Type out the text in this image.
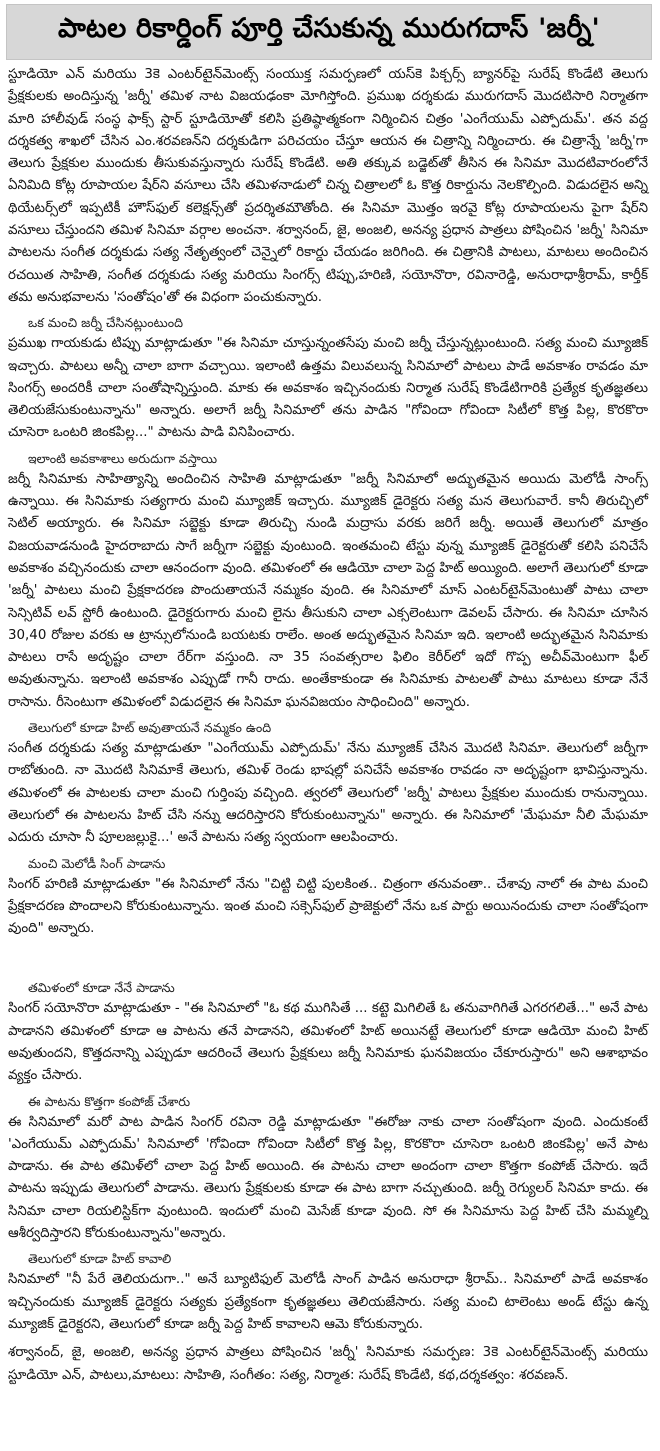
పాటల రికార్డింగ్ పూర్తి చేసుకున్న మురుగదాస్ 'జర్నీ'

స్టూడియో ఎన్ మరియు 3కె ఎంటర్‌టైన్‌మెంట్స్ సంయుక్త సమర్పణలో యస్‌కె పిక్చర్స్ బ్యానర్‌పై సురేష్ కొండేటి తెలుగు ప్రేక్షకులకు అందిస్తున్న 'జర్నీ' తమిళ నాట విజయఢంకా మోగిస్తోంది. ప్రముఖ దర్శకుడు మురుగదాస్ మొదటిసారి నిర్మాతగా మారి హాలీవుడ్ సంస్థ ఫాక్స్ స్టార్ స్టూడియోతో కలిసి ప్రతిష్ఠాత్మకంగా నిర్మించిన చిత్రం 'ఎంగేయుమ్ ఎప్పోదుమ్'. తన వద్ద దర్శకత్వ శాఖలో చేసిన ఎం.శరవణన్‌ని దర్శకుడిగా పరిచయం చేస్తూ ఆయన ఈ చిత్రాన్ని నిర్మించారు. ఈ చిత్రాన్నే 'జర్నీ'గా తెలుగు ప్రేక్షకుల ముందుకు తీసుకువస్తున్నారు సురేష్ కొండేటి. అతి తక్కువ బడ్జెట్‌తో తీసిన ఈ సినిమా మొదటివారంలోనే ఏనిమిది కోట్ల రూపాయల షేర్‌ని వసూలు చేసి తమిళనాడులో చిన్న చిత్రాలలో ఓ కొత్త రికార్డును నెలకొల్పింది. విడుదలైన అన్ని థియేటర్స్‌లో ఇప్పటికీ హౌస్‌ఫుల్ కలెక్షన్స్‌తో ప్రదర్శితమౌతోంది. ఈ సినిమా మొత్తం ఇరవై కోట్ల రూపాయలను పైగా షేర్‌ని వసూలు చేస్తుందని తమిళ సినిమా వర్గాల అంచనా. శర్వానంద్, జై, అంజలి, అనన్య ప్రధాన పాత్రలు పోషించిన 'జర్నీ' సినిమా పాటలను సంగీత దర్శకుడు సత్య నేతృత్వంలో చెన్నైలో రికార్డు చేయడం జరిగింది. ఈ చిత్రానికి పాటలు, మాటలు అందించిన రచయిత సాహితి, సంగీత దర్శకుడు సత్య మరియు సింగర్స్ టిప్పు,హరిణి, సయోనొరా, రవినారెడ్డి, అనురాధాశ్రీరామ్, కార్తీక్ తమ అనుభవాలను 'సంతోషం'తో ఈ విధంగా పంచుకున్నారు.

ఒక మంచి జర్నీ చేసినట్లుంటుంది

ప్రముఖ గాయకుడు టిప్పు మాట్లాడుతూ "ఈ సినిమా చూస్తున్నంతసేపు మంచి జర్నీ చేస్తున్నట్లుంటుంది. సత్య మంచి మ్యూజిక్ ఇచ్చారు. పాటలు అన్నీ చాలా బాగా వచ్చాయి. ఇలాంటి ఉత్తమ విలువలున్న సినిమాలో పాటలు పాడే అవకాశం రావడం మా సింగర్స్ అందరికీ చాలా సంతోషాన్నిస్తుంది. మాకు ఈ అవకాశం ఇచ్చినందుకు నిర్మాత సురేష్ కొండేటిగారికి ప్రత్యేక కృతజ్ఞతలు తెలియజేసుకుంటున్నాను" అన్నారు. అలాగే జర్నీ సినిమాలో తను పాడిన "గోవిందా గోవిందా సిటీలో కొత్త పిల్ల, కొరకొరా చూసెరా ఒంటరి జింకపిల్ల..." పాటను పాడి వినిపించారు.

ఇలాంటి అవకాశాలు అరుదుగా వస్తాయి

జర్నీ సినిమాకు సాహిత్యాన్ని అందించిన సాహితి మాట్లాడుతూ "జర్నీ సినిమాలో అద్భుతమైన అయిదు మెలోడీ సాంగ్స్ ఉన్నాయి. ఈ సినిమాకు సత్యగారు మంచి మ్యూజిక్ ఇచ్చారు. మ్యూజిక్ డైరెక్టరు సత్య మన తెలుగువారే. కానీ తిరుచ్చిలో సెటిల్ అయ్యారు. ఈ సినిమా సబ్జెక్టు కూడా తిరుచ్చి నుండి మద్రాసు వరకు జరిగే జర్నీ. అయితే తెలుగులో మాత్రం విజయవాడనుండి హైదరాబాదు సాగే జర్నీగా సబ్జెక్టు వుంటుంది. ఇంతమంచి టేస్టు వున్న మ్యూజిక్ డైరెక్టరుతో కలిసి పనిచేసే అవకాశం వచ్చినందుకు చాలా ఆనందంగా వుంది. తమిళంలో ఈ ఆడియో చాలా పెద్ద హిట్ అయ్యింది. అలాగే తెలుగులో కూడా 'జర్నీ' పాటలు మంచి ప్రేక్షకాదరణ పొందుతాయనే నమ్మకం వుంది. ఈ సినిమాలో మాస్ ఎంటర్‌టైన్‌మెంటుతో పాటు చాలా సెన్సిటివ్ లవ్ స్టోరీ ఉంటుంది. డైరెక్టరుగారు మంచి లైను తీసుకుని చాలా ఎక్సలెంటుగా డెవలప్ చేసారు. ఈ సినిమా చూసిన 30,40 రోజుల వరకు ఆ ట్రాన్సులోనుండి బయటకు రాలేం. అంత అద్భుతమైన సినిమా ఇది. ఇలాంటి అద్భుతమైన సినిమాకు పాటలు రాసే అదృష్టం చాలా రేర్‌గా వస్తుంది. నా 35 సంవత్సరాల ఫిలిం కెరీర్‌లో ఇదో గొప్ప అచీవ్‌మెంటుగా ఫీల్ అవుతున్నాను. ఇలాంటి అవకాశం ఎప్పుడో గానీ రాదు. అంతేకాకుండా ఈ సినిమాకు పాటలతో పాటు మాటలు కూడా నేనే రాసాను. రీసెంటుగా తమిళంలో విడుదలైన ఈ సినిమా ఘనవిజయం సాధించింది" అన్నారు.

తెలుగులో కూడా హిట్ అవుతాయనే నమ్మకం ఉంది

సంగీత దర్శకుడు సత్య మాట్లాడుతూ "ఎంగేయుమ్ ఎప్పోదుమ్' నేను మ్యూజిక్ చేసిన మొదటి సినిమా. తెలుగులో జర్నీగా రాబోతుంది. నా మొదటి సినిమాకే తెలుగు, తమిళ్ రెండు భాషల్లో పనిచేసే అవకాశం రావడం నా అదృష్టంగా భావిస్తున్నాను. తమిళంలో ఈ పాటలకు చాలా మంచి గుర్తింపు వచ్చింది. త్వరలో తెలుగులో 'జర్నీ' పాటలు ప్రేక్షకుల ముందుకు రానున్నాయి. తెలుగులో ఈ పాటలను హిట్ చేసి నన్ను ఆదరిస్తారని కోరుకుంటున్నాను" అన్నారు. ఈ సినిమాలో 'మేఘమా నీలి మేఘమా ఎదురు చూసా నీ పూలజల్లుకై...' అనే పాటను సత్య స్వయంగా ఆలపించారు.

మంచి మెలోడీ సింగ్ పాడాను

సింగర్ హరిణి మాట్లాడుతూ "ఈ సినిమాలో నేను "చిట్టి చిట్టి పులకింత.. చిత్రంగా తనువంతా.. చేశావు నాలో ఈ పాట మంచి ప్రేక్షకాదరణ పొందాలని కోరుకుంటున్నాను. ఇంత మంచి సక్సెస్‌ఫుల్ ప్రాజెక్టులో నేను ఒక పార్టు అయినందుకు చాలా సంతోషంగా వుంది" అన్నారు.

తమిళంలో కూడా నేనే పాడాను

సింగర్ సయోనొరా మాట్లాడుతూ - "ఈ సినిమాలో "ఓ కథ ముగిసితే ... కట్టె మిగిలితే ఓ తనువాగిగితే ఎగరగలితే..." అనే పాట పాడానని తమిళంలో కూడా ఆ పాటను తనే పాడానని, తమిళంలో హిట్ అయినట్టే తెలుగులో కూడా ఆడియో మంచి హిట్ అవుతుందని, కొత్తదనాన్ని ఎప్పుడూ ఆదరించే తెలుగు ప్రేక్షకులు జర్నీ సినిమాకు ఘనవిజయం చేకూరుస్తారు" అని ఆశాభావం వ్యక్తం చేసారు.

ఈ పాటను కొత్తగా కంపోజ్ చేశారు

ఈ సినిమాలో మరో పాట పాడిన సింగర్ రవినా రెడ్డి మాట్లాడుతూ "ఈరోజు నాకు చాలా సంతోషంగా వుంది. ఎందుకంటే 'ఎంగేయుమ్ ఎప్పోదుమ్' సినిమాలో 'గోవిందా గోవిందా సిటీలో కొత్త పిల్ల, కొరకొరా చూసెరా ఒంటరి జింకపిల్ల' అనే పాట పాడాను. ఈ పాట తమిళ్‌లో చాలా పెద్ద హిట్ అయింది. ఈ పాటను చాలా అందంగా చాలా కొత్తగా కంపోజ్ చేసారు. ఇదే పాటను ఇప్పుడు తెలుగులో పాడాను. తెలుగు ప్రేక్షకులకు కూడా ఈ పాట బాగా నచ్చుతుంది. జర్నీ రెగ్యులర్ సినిమా కాదు. ఈ సినిమా చాలా రియలిస్టిక్‌గా వుంటుంది. ఇందులో మంచి మెసేజ్ కూడా వుంది. సో ఈ సినిమాను పెద్ద హిట్ చేసి మమ్మల్ని ఆశీర్వదిస్తారని కోరుకుంటున్నాను"అన్నారు.

తెలుగులో కూడా హిట్ కావాలి

సినిమాలో "నీ పేరే తెలియదుగా.." అనే బ్యూటిఫుల్ మెలోడీ సాంగ్ పాడిన అనురాధా శ్రీరామ్.. సినిమాలో పాడే అవకాశం ఇచ్చినందుకు మ్యూజిక్ డైరెక్టరు సత్యకు ప్రత్యేకంగా కృతజ్ఞతలు తెలియజేసారు. సత్య మంచి టాలెంటు అండ్ టేస్టు ఉన్న మ్యూజిక్ డైరెక్టరని, తెలుగులో కూడా జర్నీ పెద్ద హిట్ కావాలని ఆమె కోరుకున్నారు.

శర్వానంద్, జై, అంజలి, అనన్య ప్రధాన పాత్రలు పోషించిన 'జర్నీ' సినిమాకు సమర్పణ: 3కె ఎంటర్‌టైన్‌మెంట్స్ మరియు స్టూడియో ఎన్, పాటలు,మాటలు: సాహితి, సంగీతం: సత్య, నిర్మాత: సురేష్ కొండేటి, కథ,దర్శకత్వం: శరవణన్.
